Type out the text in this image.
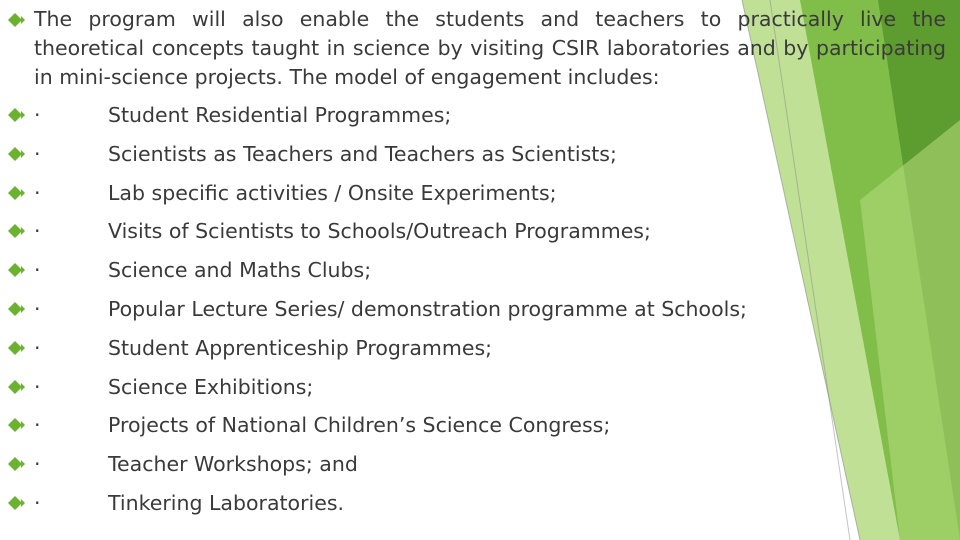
The program will also enable the students and teachers to practically live the theoretical concepts taught in science by visiting CSIR laboratories and by participating in mini-science projects. The model of engagement includes:

·	Student Residential Programmes;
·	Scientists as Teachers and Teachers as Scientists;
·	Lab specific activities / Onsite Experiments;
·	Visits of Scientists to Schools/Outreach Programmes;
·	Science and Maths Clubs;
·	Popular Lecture Series/ demonstration programme at Schools;
·	Student Apprenticeship Programmes;
·	Science Exhibitions;
·	Projects of National Children’s Science Congress;
·	Teacher Workshops; and
·	Tinkering Laboratories.
